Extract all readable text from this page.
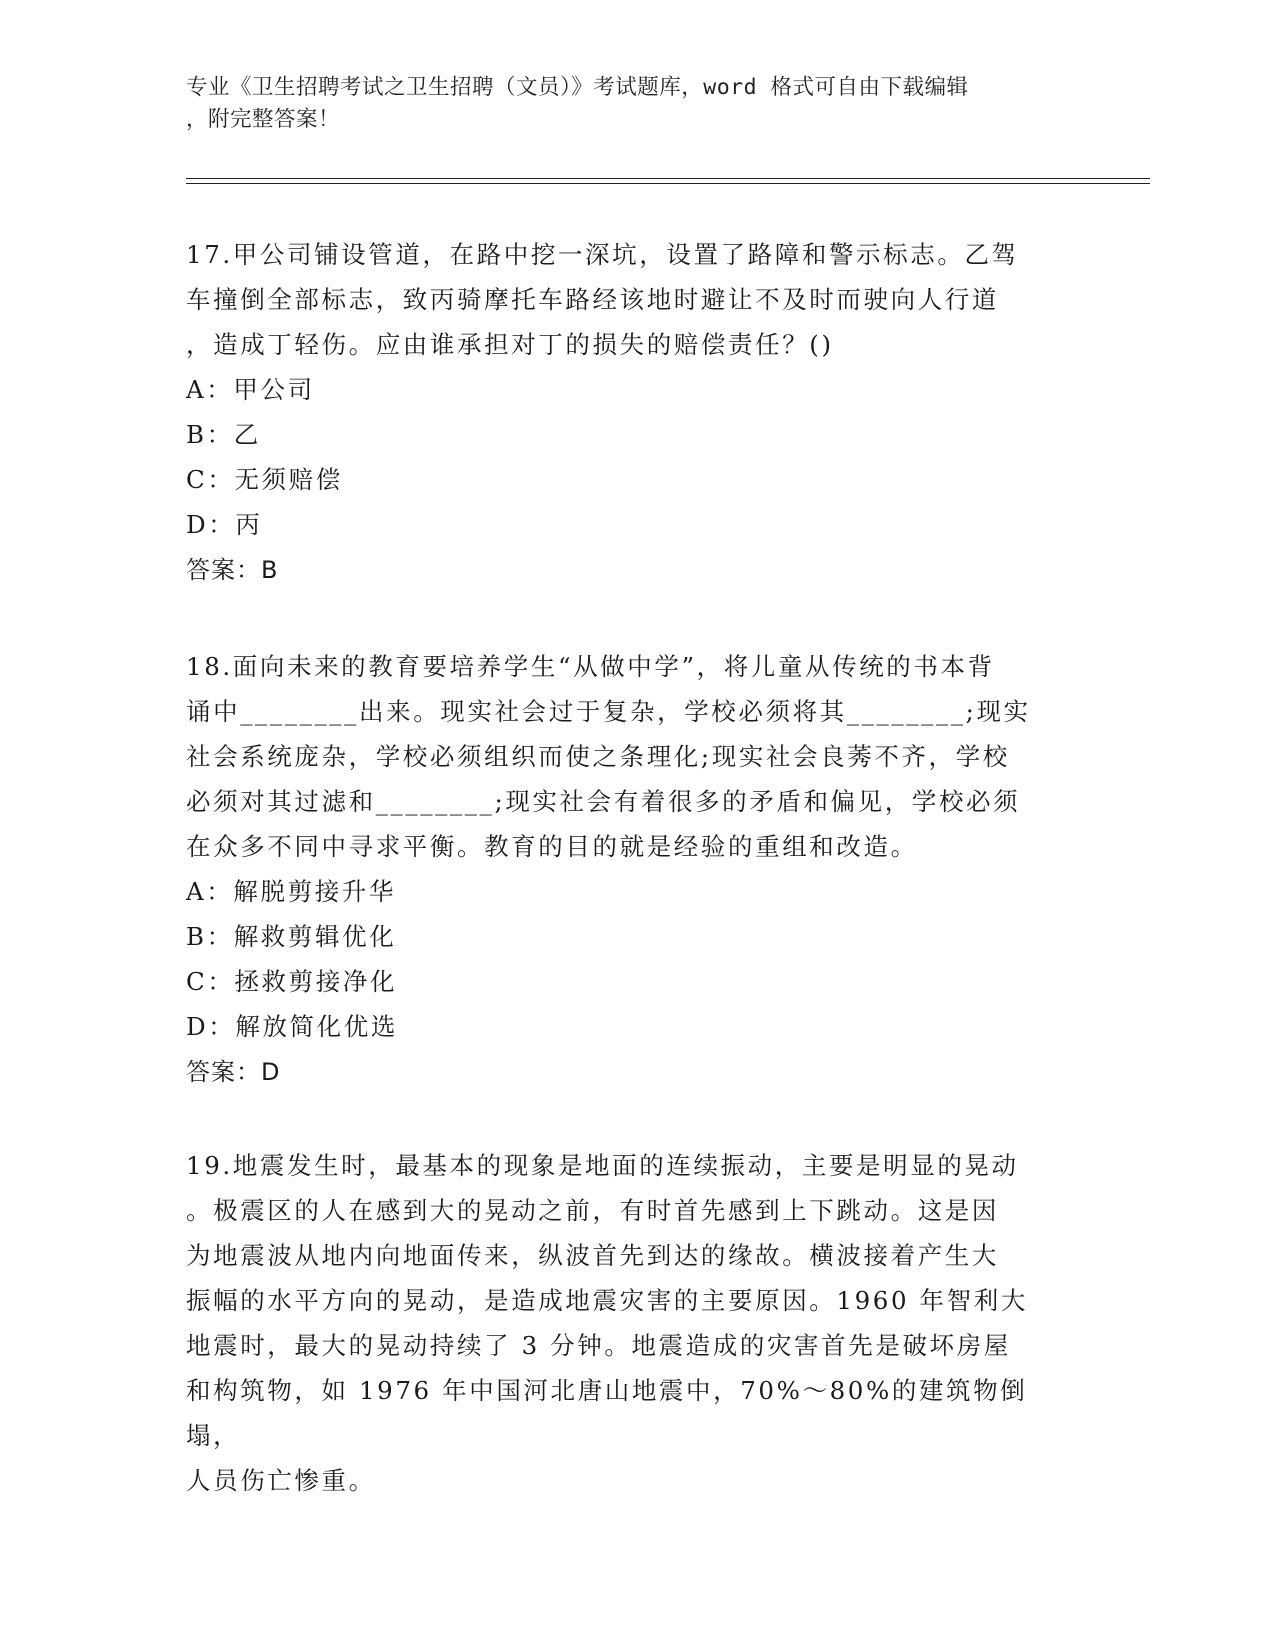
专业《卫生招聘考试之卫生招聘（文员）》考试题库，word 格式可自由下载编辑
，附完整答案！

17.甲公司铺设管道，在路中挖一深坑，设置了路障和警示标志。乙驾

车撞倒全部标志，致丙骑摩托车路经该地时避让不及时而驶向人行道

，造成丁轻伤。应由谁承担对丁的损失的赔偿责任？()

A：甲公司

B：乙

C：无须赔偿

D：丙

答案：B

18.面向未来的教育要培养学生“从做中学”，将儿童从传统的书本背

诵中________出来。现实社会过于复杂，学校必须将其________;现实

社会系统庞杂，学校必须组织而使之条理化;现实社会良莠不齐，学校

必须对其过滤和________;现实社会有着很多的矛盾和偏见，学校必须

在众多不同中寻求平衡。教育的目的就是经验的重组和改造。

A：解脱剪接升华

B：解救剪辑优化

C：拯救剪接净化

D：解放简化优选

答案：D

19.地震发生时，最基本的现象是地面的连续振动，主要是明显的晃动

。极震区的人在感到大的晃动之前，有时首先感到上下跳动。这是因

为地震波从地内向地面传来，纵波首先到达的缘故。横波接着产生大

振幅的水平方向的晃动，是造成地震灾害的主要原因。1960 年智利大

地震时，最大的晃动持续了 3 分钟。地震造成的灾害首先是破坏房屋

和构筑物，如 1976 年中国河北唐山地震中，70%～80%的建筑物倒塌，

人员伤亡惨重。
